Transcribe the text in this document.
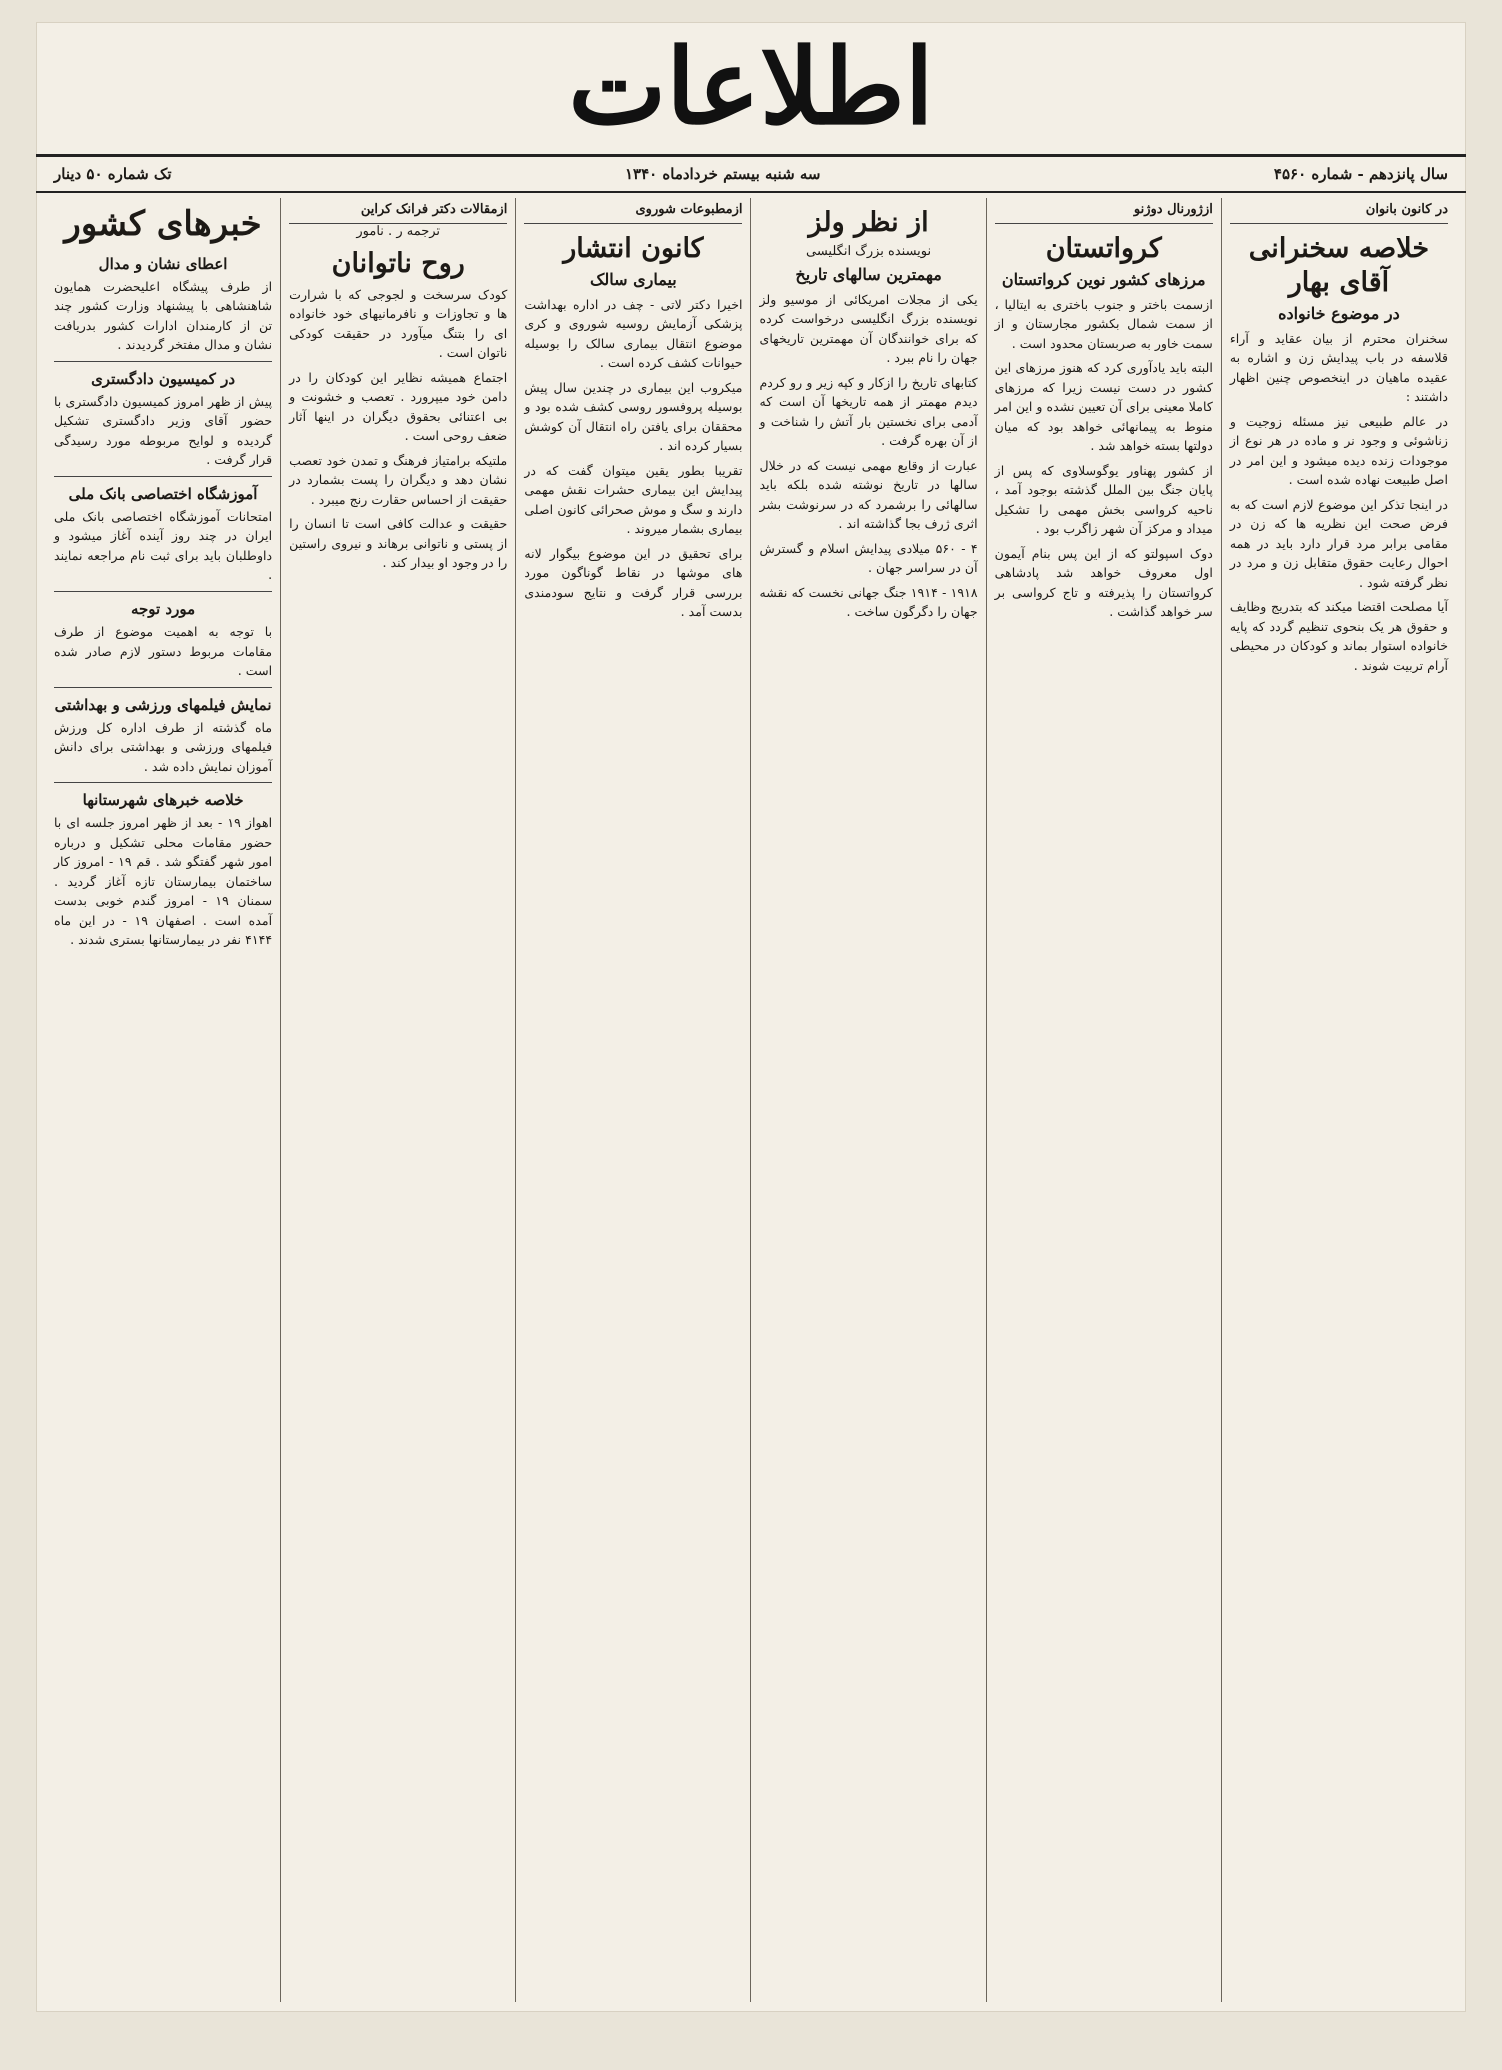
اطلاعات
سال پانزدهم - شماره ۴۵۶۰
سه شنبه بیستم خردادماه ۱۳۴۰
تک شماره ۵۰ دینار
در کانون بانوان
خلاصه سخنرانی آقای بهار
در موضوع خانواده

سخنران محترم از بیان عقاید و آراء قلاسفه در باب پیدایش زن و اشاره به عقیده ماهیان در اینخصوص چنین اظهار داشتند :

در عالم طبیعی نیز مسئله زوجیت و زناشوئی و وجود نر و ماده در هر نوع از موجودات زنده دیده میشود و این امر در اصل طبیعت نهاده شده است .

در اینجا تذکر این موضوع لازم است که به فرض صحت این نظریه ها که زن در مقامی برابر مرد قرار دارد باید در همه احوال رعایت حقوق متقابل زن و مرد در نظر گرفته شود .

آیا مصلحت اقتضا میکند که بتدریج وظایف و حقوق هر یک بنحوی تنظیم گردد که پایه خانواده استوار بماند و کودکان در محیطی آرام تربیت شوند .

ازژورنال دوژنو
کرواتستان
مرزهای کشور نوین کرواتستان

ازسمت باختر و جنوب باختری به ایتالیا ، از سمت شمال بکشور مجارستان و از سمت خاور به صربستان محدود است .

البته باید یادآوری کرد که هنوز مرزهای این کشور در دست نیست زیرا که مرزهای کاملا معینی برای آن تعیین نشده و این امر منوط به پیمانهائی خواهد بود که میان دولتها بسته خواهد شد .

از کشور پهناور یوگوسلاوی که پس از پایان جنگ بین الملل گذشته بوجود آمد ، ناحیه کرواسی بخش مهمی را تشکیل میداد و مرکز آن شهر زاگرب بود .

دوک اسپولتو که از این پس بنام آیمون اول معروف خواهد شد پادشاهی کرواتستان را پذیرفته و تاج کرواسی بر سر خواهد گذاشت .

از نظر ولز
نویسنده بزرگ انگلیسی
مهمترین سالهای تاریخ

یکی از مجلات امریکائی از موسیو ولز نویسنده بزرگ انگلیسی درخواست کرده که برای خوانندگان آن مهمترین تاریخهای جهان را نام ببرد .

کتابهای تاریخ را ازکار و کپه زیر و رو کردم دیدم مهمتر از همه تاریخها آن است که آدمی برای نخستین بار آتش را شناخت و از آن بهره گرفت .

عبارت از وقایع مهمی نیست که در خلال سالها در تاریخ نوشته شده بلکه باید سالهائی را برشمرد که در سرنوشت بشر اثری ژرف بجا گذاشته اند .

۴ - ۵۶۰ میلادی پیدایش اسلام و گسترش آن در سراسر جهان .

۱۹۱۸ - ۱۹۱۴ جنگ جهانی نخست که نقشه جهان را دگرگون ساخت .

ازمطبوعات شوروی
کانون انتشار
بیماری سالک

اخیرا دکتر لاتی - چف در اداره بهداشت پزشکی آزمایش روسیه شوروی و کری موضوع انتقال بیماری سالک را بوسیله حیوانات کشف کرده است .

میکروب این بیماری در چندین سال پیش بوسیله پروفسور روسی کشف شده بود و محققان برای یافتن راه انتقال آن کوشش بسیار کرده اند .

تقریبا بطور یقین میتوان گفت که در پیدایش این بیماری حشرات نقش مهمی دارند و سگ و موش صحرائی کانون اصلی بیماری بشمار میروند .

برای تحقیق در این موضوع بیگوار لانه های موشها در نقاط گوناگون مورد بررسی قرار گرفت و نتایج سودمندی بدست آمد .

ازمقالات دکتر فرانک کراین
ترجمه ر . نامور
روح ناتوانان

کودک سرسخت و لجوجی که با شرارت ها و تجاوزات و نافرمانیهای خود خانواده ای را بتنگ میآورد در حقیقت کودکی ناتوان است .

اجتماع همیشه نظایر این کودکان را در دامن خود میپرورد . تعصب و خشونت و بی اعتنائی بحقوق دیگران در اینها آثار ضعف روحی است .

ملتیکه برامتیاز فرهنگ و تمدن خود تعصب نشان دهد و دیگران را پست بشمارد در حقیقت از احساس حقارت رنج میبرد .

حقیقت و عدالت کافی است تا انسان را از پستی و ناتوانی برهاند و نیروی راستین را در وجود او بیدار کند .

خبرهای کشور
اعطای نشان و مدال
از طرف پیشگاه اعلیحضرت همایون شاهنشاهی با پیشنهاد وزارت کشور چند تن از کارمندان ادارات کشور بدریافت نشان و مدال مفتخر گردیدند .
در کمیسیون دادگستری
پیش از ظهر امروز کمیسیون دادگستری با حضور آقای وزیر دادگستری تشکیل گردیده و لوایح مربوطه مورد رسیدگی قرار گرفت .
آموزشگاه اختصاصی بانک ملی
امتحانات آموزشگاه اختصاصی بانک ملی ایران در چند روز آینده آغاز میشود و داوطلبان باید برای ثبت نام مراجعه نمایند .
مورد توجه
با توجه به اهمیت موضوع از طرف مقامات مربوط دستور لازم صادر شده است .
نمایش فیلمهای ورزشی و بهداشتی
ماه گذشته از طرف اداره کل ورزش فیلمهای ورزشی و بهداشتی برای دانش آموزان نمایش داده شد .
خلاصه خبرهای شهرستانها
اهواز ۱۹ - بعد از ظهر امروز جلسه ای با حضور مقامات محلی تشکیل و درباره امور شهر گفتگو شد . قم ۱۹ - امروز کار ساختمان بیمارستان تازه آغاز گردید . سمنان ۱۹ - امروز گندم خوبی بدست آمده است . اصفهان ۱۹ - در این ماه ۴۱۴۴ نفر در بیمارستانها بستری شدند .
